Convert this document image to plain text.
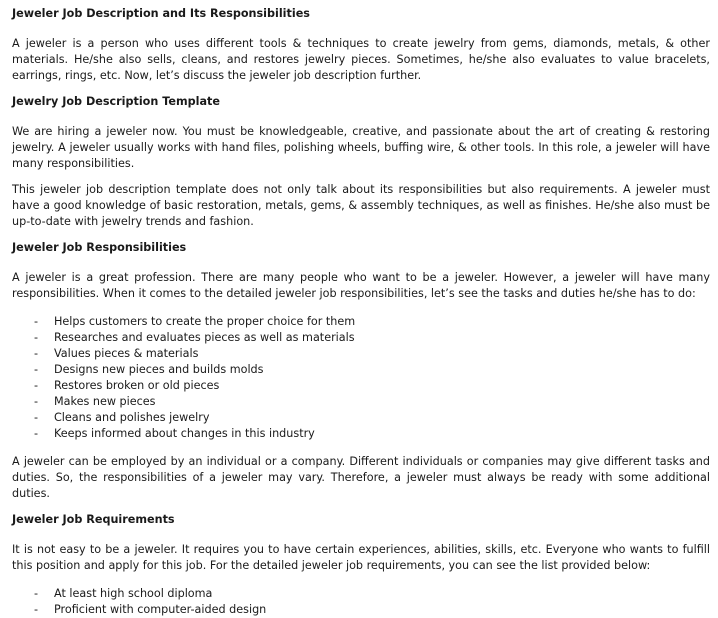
Jeweler Job Description and Its Responsibilities

A jeweler is a person who uses different tools & techniques to create jewelry from gems, diamonds, metals, & other materials. He/she also sells, cleans, and restores jewelry pieces. Sometimes, he/she also evaluates to value bracelets, earrings, rings, etc. Now, let’s discuss the jeweler job description further.

Jewelry Job Description Template

We are hiring a jeweler now. You must be knowledgeable, creative, and passionate about the art of creating & restoring jewelry. A jeweler usually works with hand files, polishing wheels, buffing wire, & other tools. In this role, a jeweler will have many responsibilities.

This jeweler job description template does not only talk about its responsibilities but also requirements. A jeweler must have a good knowledge of basic restoration, metals, gems, & assembly techniques, as well as finishes. He/she also must be up-to-date with jewelry trends and fashion.

Jeweler Job Responsibilities

A jeweler is a great profession. There are many people who want to be a jeweler. However, a jeweler will have many responsibilities. When it comes to the detailed jeweler job responsibilities, let’s see the tasks and duties he/she has to do:

- Helps customers to create the proper choice for them
- Researches and evaluates pieces as well as materials
- Values pieces & materials
- Designs new pieces and builds molds
- Restores broken or old pieces
- Makes new pieces
- Cleans and polishes jewelry
- Keeps informed about changes in this industry

A jeweler can be employed by an individual or a company. Different individuals or companies may give different tasks and duties. So, the responsibilities of a jeweler may vary. Therefore, a jeweler must always be ready with some additional duties.

Jeweler Job Requirements

It is not easy to be a jeweler. It requires you to have certain experiences, abilities, skills, etc. Everyone who wants to fulfill this position and apply for this job. For the detailed jeweler job requirements, you can see the list provided below:

- At least high school diploma
- Proficient with computer-aided design
